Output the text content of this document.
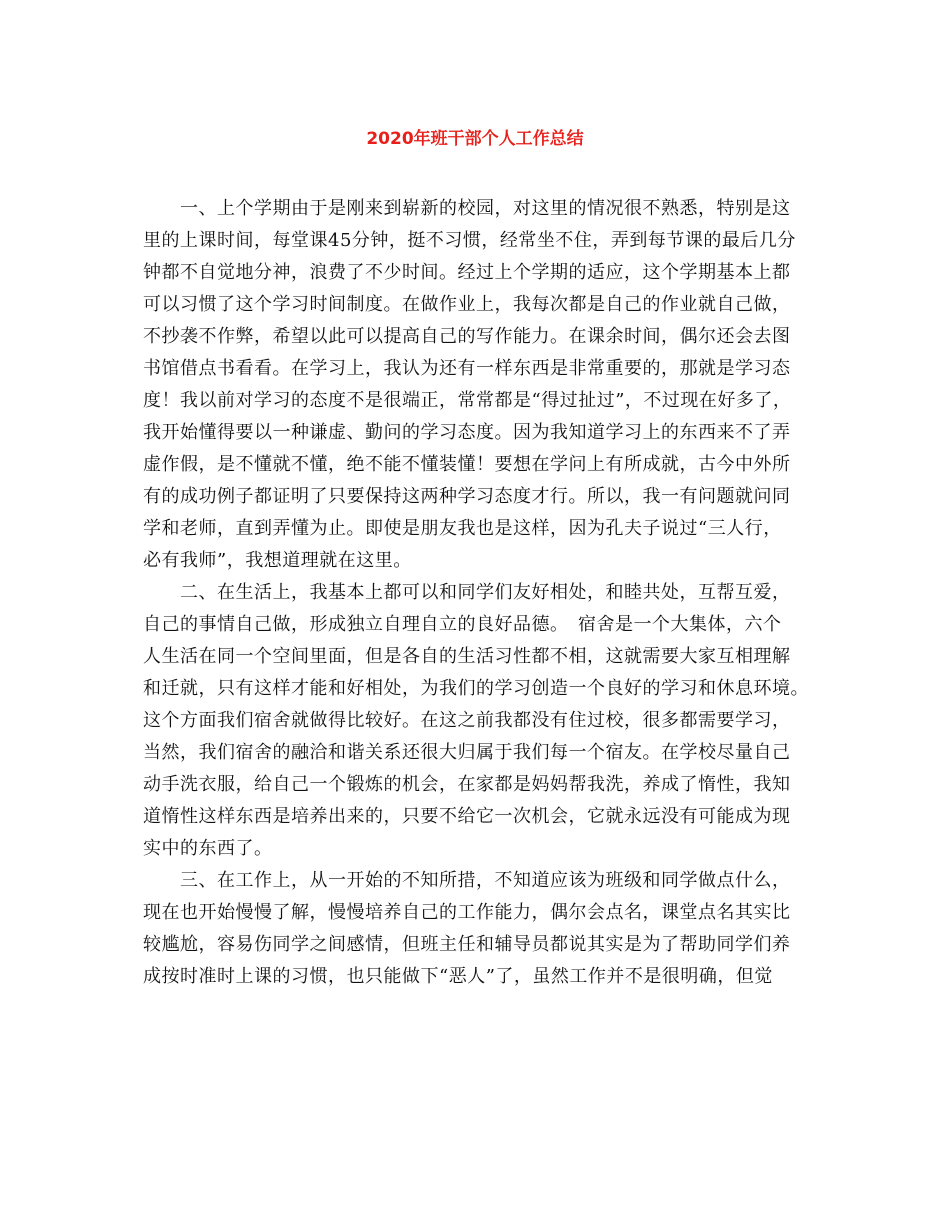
2020年班干部个人工作总结
　　一、上个学期由于是刚来到崭新的校园，对这里的情况很不熟悉，特别是这
里的上课时间，每堂课45分钟，挺不习惯，经常坐不住，弄到每节课的最后几分
钟都不自觉地分神，浪费了不少时间。经过上个学期的适应，这个学期基本上都
可以习惯了这个学习时间制度。在做作业上，我每次都是自己的作业就自己做，
不抄袭不作弊，希望以此可以提高自己的写作能力。在课余时间，偶尔还会去图
书馆借点书看看。在学习上，我认为还有一样东西是非常重要的，那就是学习态
度！我以前对学习的态度不是很端正，常常都是“得过扯过”，不过现在好多了，
我开始懂得要以一种谦虚、勤问的学习态度。因为我知道学习上的东西来不了弄
虚作假，是不懂就不懂，绝不能不懂装懂！要想在学问上有所成就，古今中外所
有的成功例子都证明了只要保持这两种学习态度才行。所以，我一有问题就问同
学和老师，直到弄懂为止。即使是朋友我也是这样，因为孔夫子说过“三人行，
必有我师”，我想道理就在这里。
　　二、在生活上，我基本上都可以和同学们友好相处，和睦共处，互帮互爱，
自己的事情自己做，形成独立自理自立的良好品德。　宿舍是一个大集体，六个
人生活在同一个空间里面，但是各自的生活习性都不相，这就需要大家互相理解
和迁就，只有这样才能和好相处，为我们的学习创造一个良好的学习和休息环境。
这个方面我们宿舍就做得比较好。在这之前我都没有住过校，很多都需要学习，
当然，我们宿舍的融洽和谐关系还很大归属于我们每一个宿友。在学校尽量自己
动手洗衣服，给自己一个锻炼的机会，在家都是妈妈帮我洗，养成了惰性，我知
道惰性这样东西是培养出来的，只要不给它一次机会，它就永远没有可能成为现
实中的东西了。
　　三、在工作上，从一开始的不知所措，不知道应该为班级和同学做点什么，
现在也开始慢慢了解，慢慢培养自己的工作能力，偶尔会点名，课堂点名其实比
较尴尬，容易伤同学之间感情，但班主任和辅导员都说其实是为了帮助同学们养
成按时准时上课的习惯，也只能做下“恶人”了，虽然工作并不是很明确，但觉
